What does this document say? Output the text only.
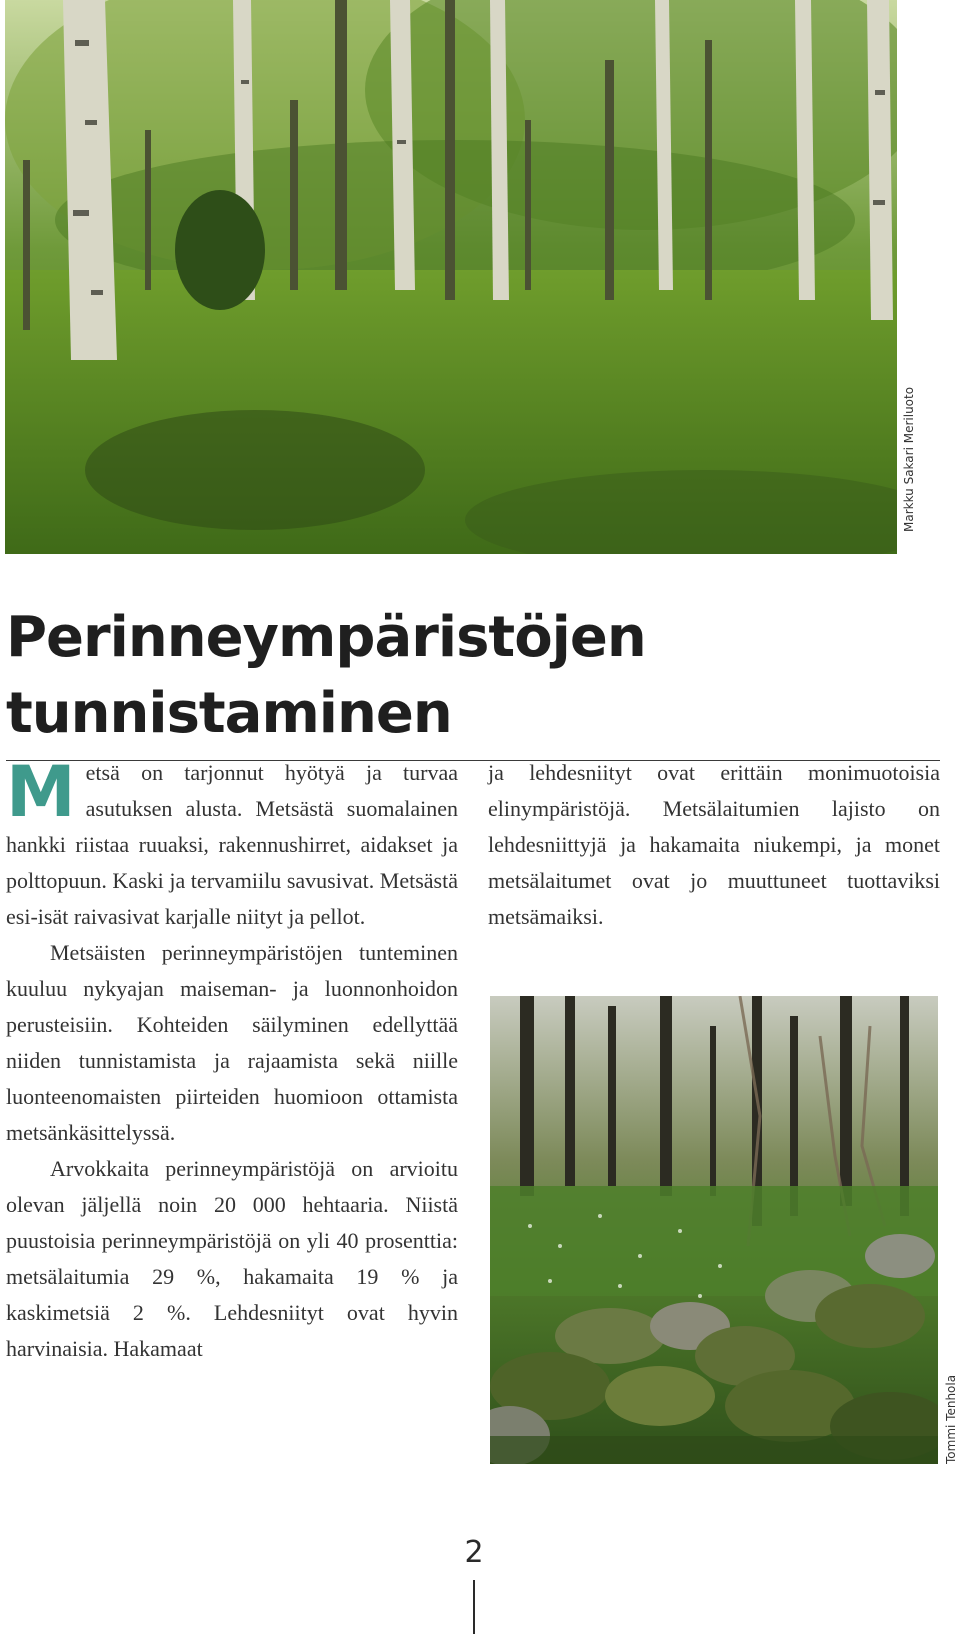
Markku Sakari Meriluoto
Perinneympäristöjen
tunnistaminen

Metsä on tarjonnut hyötyä ja turvaa asutuksen alusta. Metsästä suomalainen hankki riistaa ruuaksi, rakennushirret, aidakset ja polttopuun. Kaski ja tervamiilu savusivat. Metsästä esi-isät raivasivat karjalle niityt ja pellot.

Metsäisten perinneympäristöjen tunteminen kuuluu nykyajan maiseman- ja luonnonhoidon perusteisiin. Kohteiden säilyminen edellyttää niiden tunnistamista ja rajaamista sekä niille luonteenomaisten piirteiden huomioon ottamista metsänkäsittelyssä.

Arvokkaita perinneympäristöjä on arvioitu olevan jäljellä noin 20 000 hehtaaria. Niistä puustoisia perinneympäristöjä on yli 40 prosenttia: metsälaitumia 29 %, hakamaita 19 % ja kaskimetsiä 2 %. Lehdesniityt ovat hyvin harvinaisia. Hakamaat

ja lehdesniityt ovat erittäin monimuotoisia elinympäristöjä. Metsälaitumien lajisto on lehdesniittyjä ja hakamaita niukempi, ja monet metsälaitumet ovat jo muuttuneet tuottaviksi metsämaiksi.

Tommi Tenhola
2
